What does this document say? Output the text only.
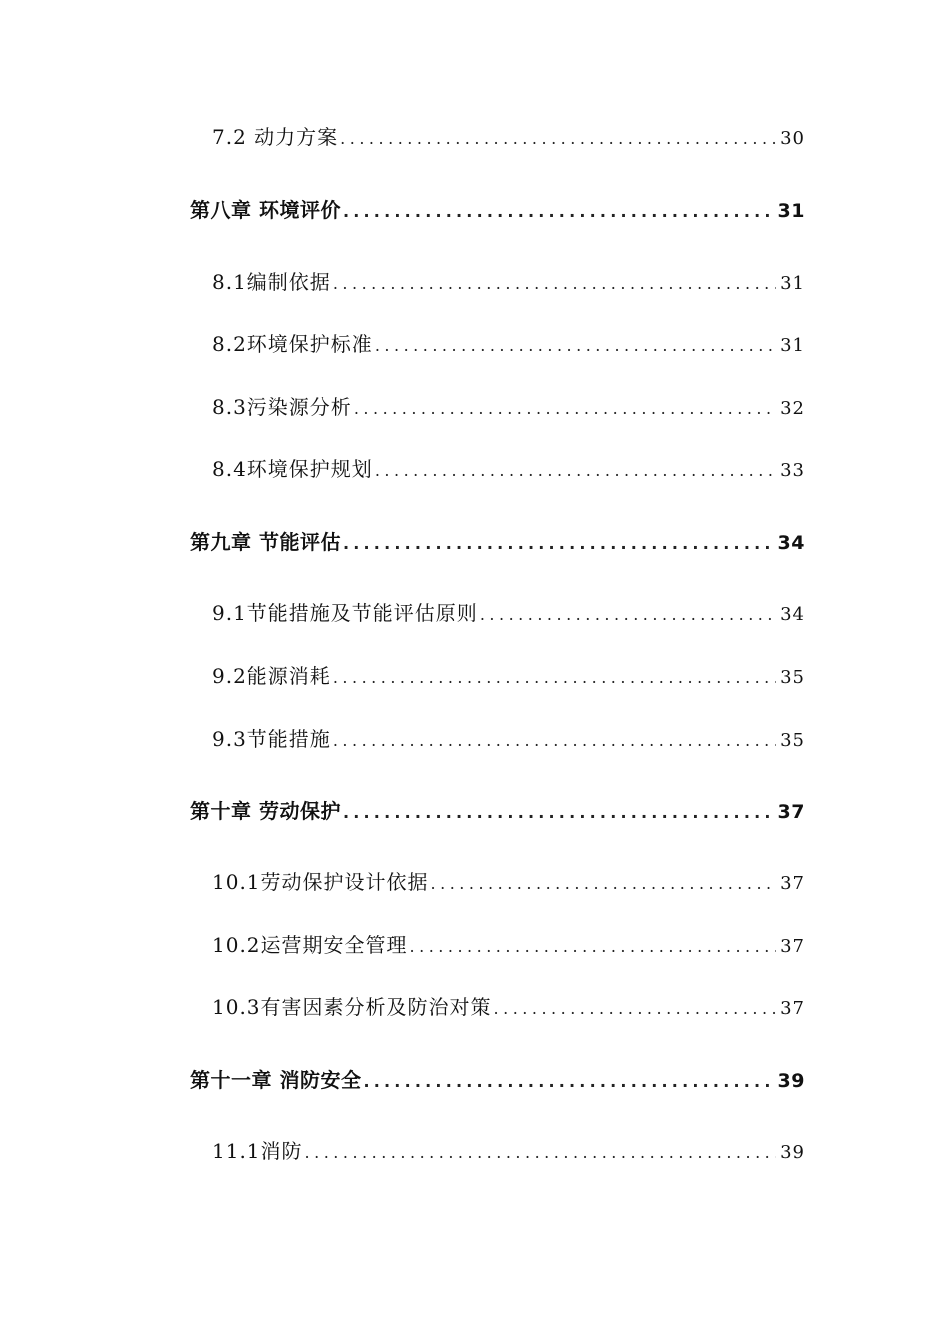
7.2 动力方案 .....	30
第八章 环境评价 .....	31
8.1编制依据 .....	31
8.2环境保护标准 .....	31
8.3污染源分析 .....	32
8.4环境保护规划 .....	33
第九章 节能评估 .....	34
9.1节能措施及节能评估原则 .....	34
9.2能源消耗 .....	35
9.3节能措施 .....	35
第十章 劳动保护 .....	37
10.1劳动保护设计依据 .....	37
10.2运营期安全管理 .....	37
10.3有害因素分析及防治对策 .....	37
第十一章 消防安全 .....	39
11.1消防 .....	39
